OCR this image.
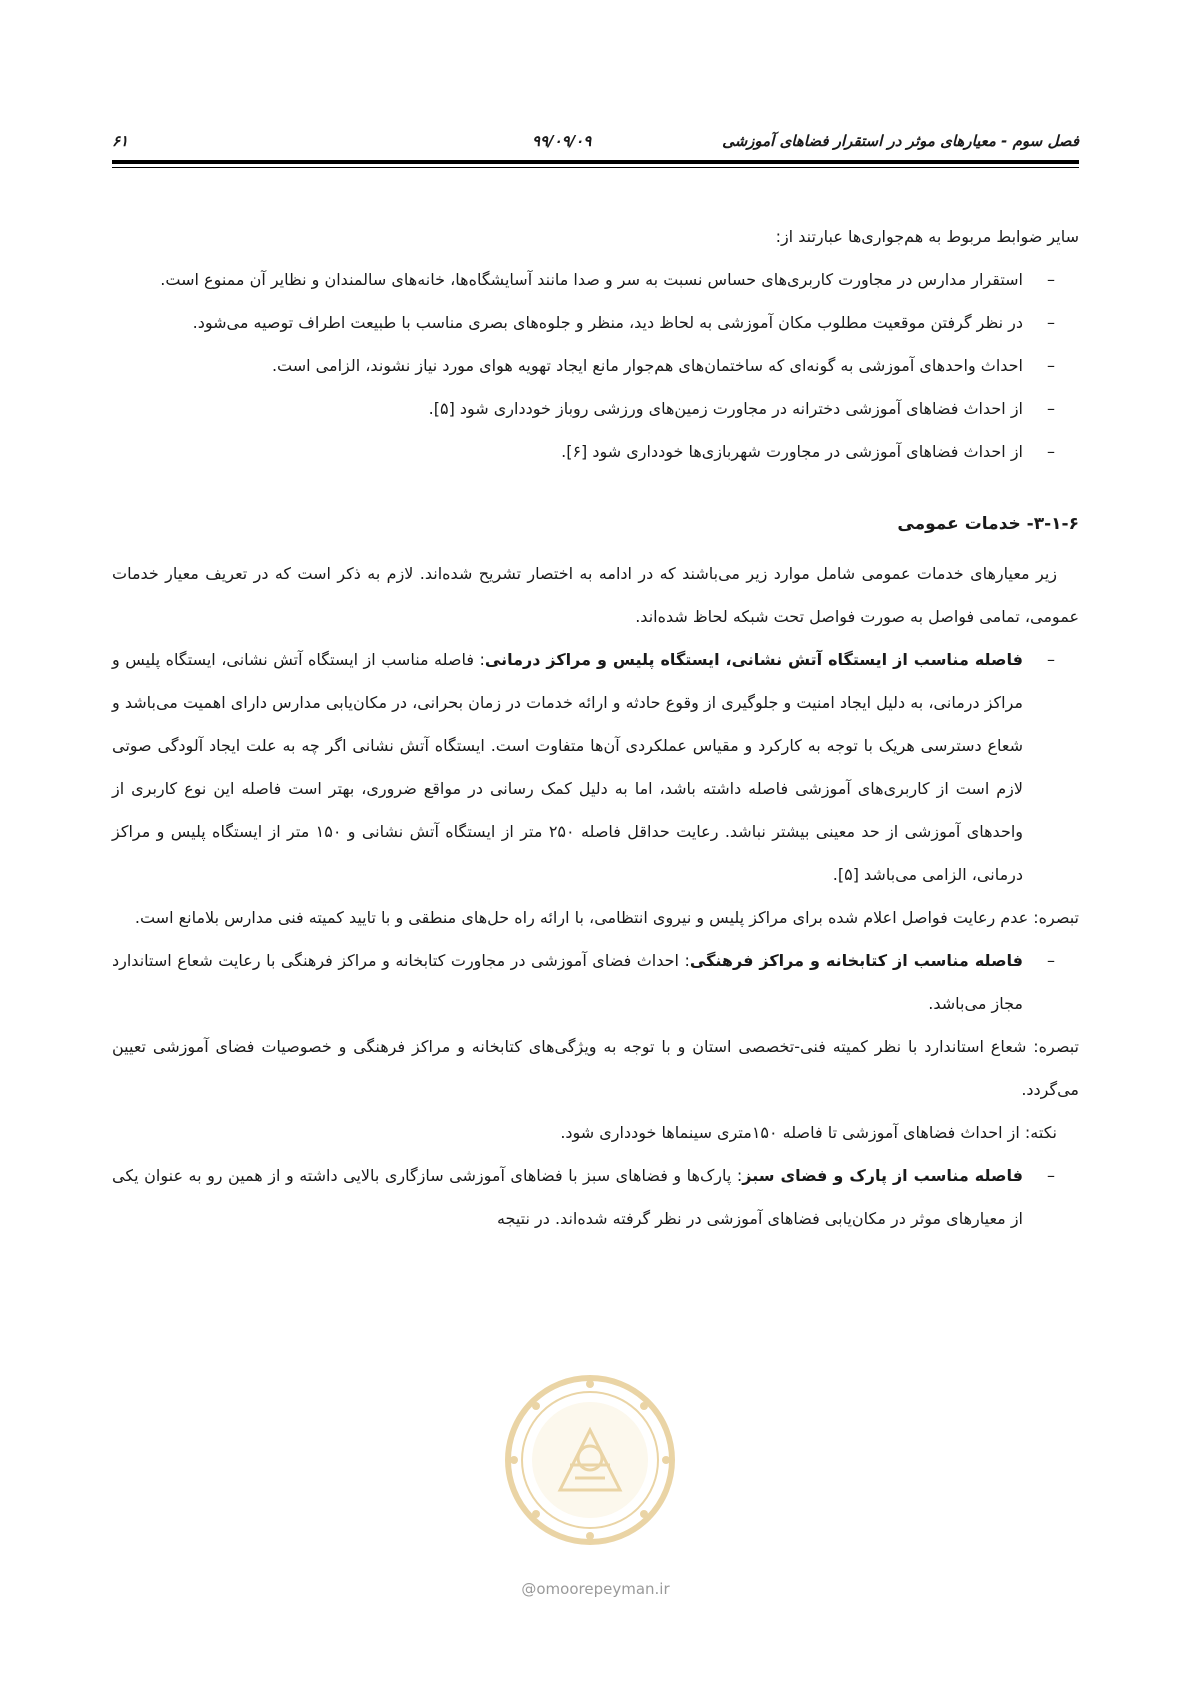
فصل سوم - معیارهای موثر در استقرار فضاهای آموزشی
۹۹/۰۹/۰۹
۶۱

سایر ضوابط مربوط به هم‌جواری‌ها عبارتند از:

–
استقرار مدارس در مجاورت کاربری‌های حساس نسبت به سر و صدا مانند آسایشگاه‌ها، خانه‌های سالمندان و نظایر آن ممنوع است.

–
در نظر گرفتن موقعیت مطلوب مکان آموزشی به لحاظ دید، منظر و جلوه‌های بصری مناسب با طبیعت اطراف توصیه می‌شود.

–
احداث واحدهای آموزشی به گونه‌ای که ساختمان‌های هم‌جوار مانع ایجاد تهویه هوای مورد نیاز نشوند، الزامی است.

–
از احداث فضاهای آموزشی دخترانه در مجاورت زمین‌های ورزشی روباز خودداری شود [۵].

–
از احداث فضاهای آموزشی در مجاورت شهربازی‌ها خودداری شود [۶].

۳-۱-۶- خدمات عمومی

زیر معیارهای خدمات عمومی شامل موارد زیر می‌باشند که در ادامه به اختصار تشریح شده‌اند. لازم به ذکر است که در تعریف معیار خدمات عمومی، تمامی فواصل به صورت فواصل تحت شبکه لحاظ شده‌اند.

–
فاصله مناسب از ایستگاه آتش نشانی، ایستگاه پلیس و مراکز درمانی: فاصله مناسب از ایستگاه آتش نشانی، ایستگاه پلیس و مراکز درمانی، به دلیل ایجاد امنیت و جلوگیری از وقوع حادثه و ارائه خدمات در زمان بحرانی، در مکان‌یابی مدارس دارای اهمیت می‌باشد و شعاع دسترسی هریک با توجه به کارکرد و مقیاس عملکردی آن‌ها متفاوت است. ایستگاه آتش نشانی اگر چه به علت ایجاد آلودگی صوتی لازم است از کاربری‌های آموزشی فاصله داشته باشد، اما به دلیل کمک رسانی در مواقع ضروری، بهتر است فاصله این نوع کاربری از واحدهای آموزشی از حد معینی بیشتر نباشد. رعایت حداقل فاصله ۲۵۰ متر از ایستگاه آتش نشانی و ۱۵۰ متر از ایستگاه پلیس و مراکز درمانی، الزامی می‌باشد [۵].

تبصره: عدم رعایت فواصل اعلام شده برای مراکز پلیس و نیروی انتظامی، با ارائه راه حل‌های منطقی و با تایید کمیته فنی مدارس بلامانع است.

–
فاصله مناسب از کتابخانه و مراکز فرهنگی: احداث فضای آموزشی در مجاورت کتابخانه و مراکز فرهنگی با رعایت شعاع استاندارد مجاز می‌باشد.

تبصره: شعاع استاندارد با نظر کمیته فنی-تخصصی استان و با توجه به ویژگی‌های کتابخانه و مراکز فرهنگی و خصوصیات فضای آموزشی تعیین می‌گردد.

نکته: از احداث فضاهای آموزشی تا فاصله ۱۵۰متری سینماها خودداری شود.

–
فاصله مناسب از پارک و فضای سبز: پارک‌ها و فضاهای سبز با فضاهای آموزشی سازگاری بالایی داشته و از همین رو به عنوان یکی از معیارهای موثر در مکان‌یابی فضاهای آموزشی در نظر گرفته شده‌اند. در نتیجه

@omoorepeyman.ir
